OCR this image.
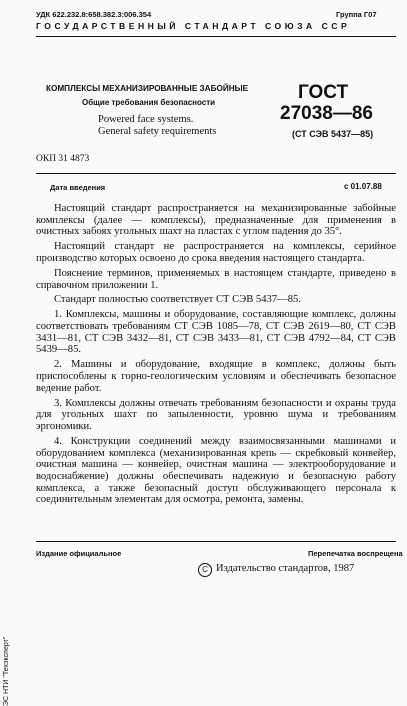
УДК 622.232.8:658.382.3:006.354	Группа Г07
ГОСУДАРСТВЕННЫЙ СТАНДАРТ СОЮЗА ССР
КОМПЛЕКСЫ МЕХАНИЗИРОВАННЫЕ ЗАБОЙНЫЕ
Общие требования безопасности
Powered face systems.
General safety requirements
ГОСТ
27038—86
(СТ СЭВ 5437—85)
ОКП 31 4873
Дата введения	с 01.07.88

Настоящий стандарт распространяется на механизированные забойные комплексы (далее — комплексы), предназначенные для применения в очистных забоях угольных шахт на пластах с углом падения до 35°.

Настоящий стандарт не распространяется на комплексы, серийное производство которых освоено до срока введения настоящего стандарта.

Пояснение терминов, применяемых в настоящем стандарте, приведено в справочном приложении 1.

Стандарт полностью соответствует СТ СЭВ 5437—85.

1. Комплексы, машины и оборудование, составляющие комплекс, должны соответствовать требованиям СТ СЭВ 1085—78, СТ СЭВ 2619—80, СТ СЭВ 3431—81, СТ СЭВ 3432—81, СТ СЭВ 3433—81, СТ СЭВ 4792—84, СТ СЭВ 5439—85.

2. Машины и оборудование, входящие в комплекс, должны быть приспособлены к горно-геологическим условиям и обеспечивать безопасное ведение работ.

3. Комплексы должны отвечать требованиям безопасности и охраны труда для угольных шахт по запыленности, уровню шума и требованиям эргономики.

4. Конструкции соединений между взаимосвязанными машинами и оборудованием комплекса (механизированная крепь — скребковый конвейер, очистная машина — конвейер, очистная машина — электрооборудование и водоснабжение) должны обеспечивать надежную и безопасную работу комплекса, а также безопасный доступ обслуживающего персонала к соединительным элементам для осмотра, ремонта, замены.

ЭС НТИ "Техэксперт"
Издание официальное	Перепечатка воспрещена
C Издательство стандартов, 1987
